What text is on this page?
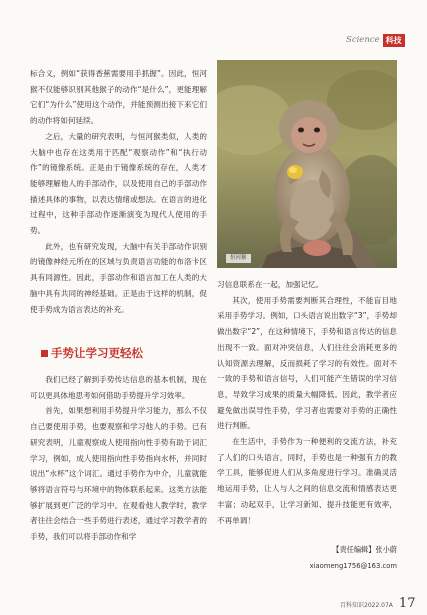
Science 科技

标合义，例如“获得香蕉需要用手抓握”。因此，恒河猴不仅能够识别其他猴子的动作“是什么”，更能理解它们“为什么”使用这个动作，并能预测出接下来它们的动作将如何延续。

之后，大量的研究表明，与恒河猴类似，人类的大脑中也存在这类用于匹配“观察动作”和“执行动作”的镜像系统。正是由于镜像系统的存在，人类才能够理解他人的手部动作，以及使用自己的手部动作描述具体的事物，以表达情绪或想法。在语言的进化过程中，这种手部动作逐渐演变为现代人使用的手势。

此外，也有研究发现，大脑中有关手部动作识别的镜像神经元所在的区域与负责语言功能的布洛卡区具有同源性。因此，手部动作和语言加工在人类的大脑中具有共同的神经基础。正是由于这样的机制，促使手势成为语言表达的补充。

手势让学习更轻松

我们已经了解到手势传达信息的基本机制，现在可以更具体地思考如何借助手势提升学习效率。

首先，如果想利用手势提升学习能力，那么不仅自己要使用手势，也要观察和学习他人的手势。已有研究表明，儿童观察成人使用指向性手势有助于词汇学习，例如，成人使用指向性手势指向水杯，并同时说出“水杯”这个词汇。通过手势作为中介，儿童就能够将语言符号与环境中的物体联系起来。这类方法能够扩展到更广泛的学习中。在观看他人教学时，教学者往往会结合一些手势进行表述，通过学习教学者的手势，我们可以将手部动作和学

恒河猴

习信息联系在一起，加强记忆。

其次，使用手势需要判断其合理性，不能盲目地采用手势学习。例如，口头语言说出数字“3”，手势却做出数字“2”，在这种情境下，手势和语言传达的信息出现不一致。面对冲突信息，人们往往会消耗更多的认知资源去理解，反而损耗了学习的有效性。面对不一致的手势和语言信号，人们可能产生错误的学习信息，导致学习成果的质量大幅降低。因此，教学者应避免做出误导性手势，学习者也需要对手势的正确性进行判断。

在生活中，手势作为一种便利的交流方法，补充了人们的口头语言，同时，手势也是一种强有力的教学工具，能够促进人们从多角度进行学习。准确灵活地运用手势，让人与人之间的信息交流和情感表达更丰富；动起双手，让学习新知、提升技能更有效率，不再单调！

【责任编辑】张小蔚
xiaomeng1756@163.com
百科知识2022.07A 17
